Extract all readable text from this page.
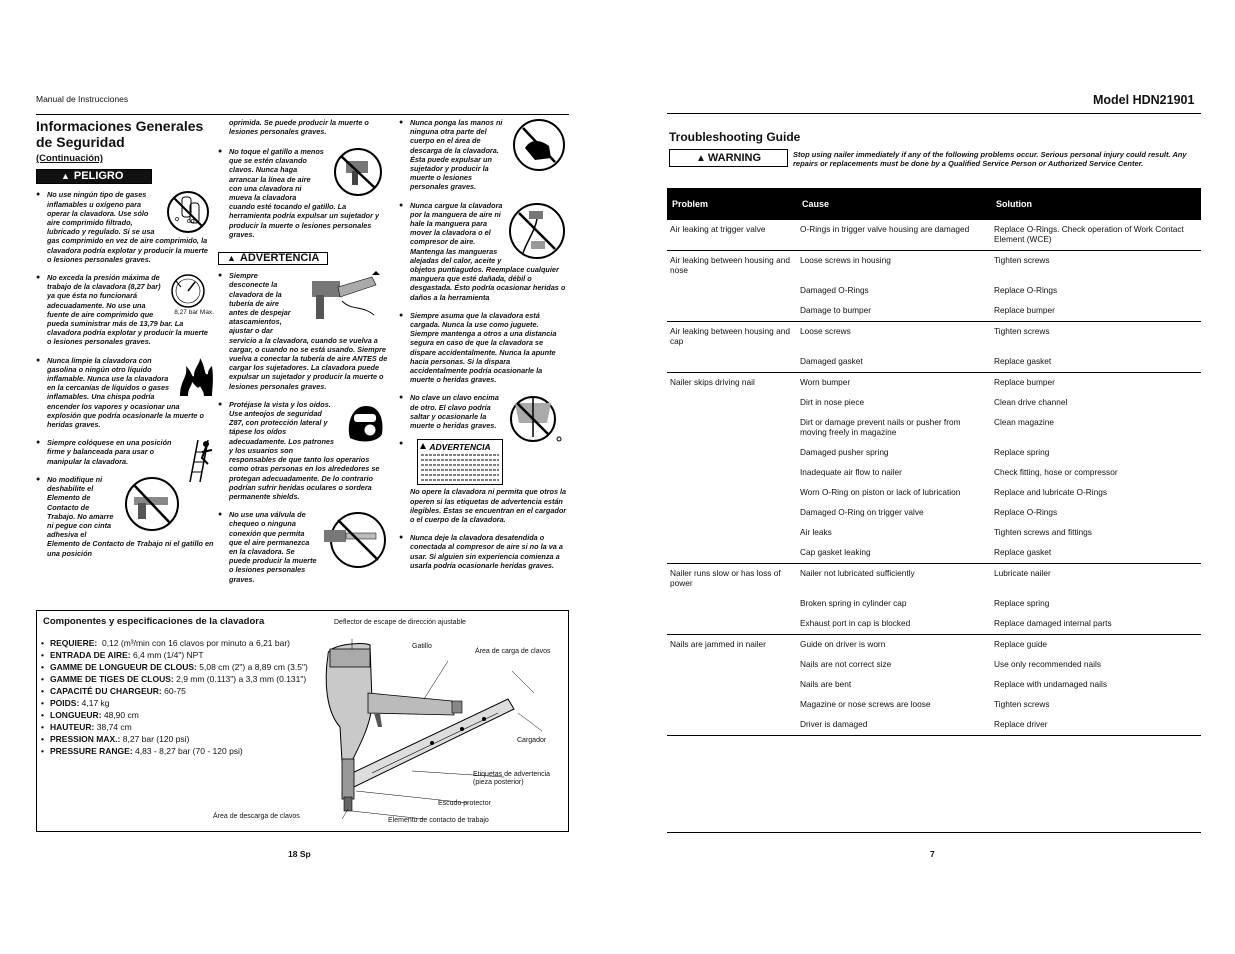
Manual de Instrucciones
Informaciones Generales de Seguridad
(Continuación)
▲ PELIGRO
● O CO
No use ningún tipo de gases inflamables u oxígeno para operar la clavadora. Use sólo aire comprimido filtrado, lubricado y regulado. Si se usa gas comprimido en vez de aire comprimido, la clavadora podría explotar y producir la muerte o lesiones personales graves.
● 8,27 bar Max.
No exceda la presión máxima de trabajo de la clavadora (8,27 bar) ya que ésta no funcionará adecuadamente. No use una fuente de aire comprimido que pueda suministrar más de 13,79 bar. La clavadora podría explotar y producir la muerte o lesiones personales graves.
● Nunca limpie la clavadora con gasolina o ningún otro líquido inflamable. Nunca use la clavadora en la cercanías de líquidos o gases inflamables. Una chispa podría encender los vapores y ocasionar una explosión que podría ocasionarle la muerte o heridas graves.
● Siempre colóquese en una posición firme y balanceada para usar o manipular la clavadora.
● No modifique ni deshabilite el Elemento de Contacto de Trabajo. No amarre ni pegue con cinta adhesiva el Elemento de Contacto de Trabajo ni el gatillo en una posición
oprimida. Se puede producir la muerte o lesiones personales graves.
● No toque el gatillo a menos que se estén clavando clavos. Nunca haga arrancar la línea de aire con una clavadora ni mueva la clavadora cuando esté tocando el gatillo. La herramienta podría expulsar un sujetador y producir la muerte o lesiones personales graves.
▲ ADVERTENCIA
● Siempre desconecte la clavadora de la tubería de aire antes de despejar atascamientos, ajustar o dar servicio a la clavadora, cuando se vuelva a cargar, o cuando no se está usando. Siempre vuelva a conectar la tubería de aire ANTES de cargar los sujetadores. La clavadora puede expulsar un sujetador y producir la muerte o lesiones personales graves.
● Protéjase la vista y los oídos. Use anteojos de seguridad Z87, con protección lateral y tápese los oídos adecuadamente. Los patrones y los usuarios son responsables de que tanto los operarios como otras personas en los alrededores se protegan adecuadamente. De lo contrario podrían sufrir heridas oculares o sordera permanente shields.
● No use una válvula de chequeo o ninguna conexión que permita que el aire permanezca en la clavadora. Se puede producir la muerte o lesiones personales graves.
● Nunca ponga las manos ni ninguna otra parte del cuerpo en el área de descarga de la clavadora. Ésta puede expulsar un sujetador y producir la muerte o lesiones personales graves.
● Nunca cargue la clavadora por la manguera de aire ni hale la manguera para mover la clavadora o el compresor de aire. Mantenga las mangueras alejadas del calor, aceite y objetos puntiagudos. Reemplace cualquier manguera que esté dañada, débil o desgastada. Ésto podría ocasionar heridas o daños a la herramienta
● Siempre asuma que la clavadora está cargada. Nunca la use como juguete. Siempre mantenga a otros a una distancia segura en caso de que la clavadora se dispare accidentalmente. Nunca la apunte hacia personas. Si la dispara accidentalmente podría ocasionarle la muerte o heridas graves.
● No clave un clavo encima de otro. El clavo podría saltar y ocasionarle la muerte o heridas graves.
● ADVERTENCIA
No opere la clavadora ni permita que otros la operen si las etiquetas de advertencia están ilegibles. Éstas se encuentran en el cargador o el cuerpo de la clavadora.
● Nunca deje la clavadora desatendida o conectada al compresor de aire si no la va a usar. Si alguien sin experiencia comienza a usarla podría ocasionarle heridas graves.
Componentes y especificaciones de la clavadora
• REQUIERE: 0,12 (m³/min con 16 clavos por minuto a 6,21 bar)
• ENTRADA DE AIRE: 6,4 mm (1/4") NPT
• GAMME DE LONGUEUR DE CLOUS: 5,08 cm (2") a 8,89 cm (3.5")
• GAMME DE TIGES DE CLOUS: 2,9 mm (0.113") a 3,3 mm (0.131")
• CAPACITÉ DU CHARGEUR: 60-75
• POIDS: 4,17 kg
• LONGUEUR: 48,90 cm
• HAUTEUR: 38,74 cm
• PRESSION MAX.: 8,27 bar (120 psi)
• PRESSURE RANGE: 4,83 - 8,27 bar (70 - 120 psi)
Deflector de escape de dirección ajustable
Gatillo
Área de carga de clavos
Cargador
Etiquetas de advertencia (pieza posterior)
Escudo protector
Área de descarga de clavos
Elemento de contacto de trabajo
18 Sp
Model HDN21901
Troubleshooting Guide
▲ WARNING	Stop using nailer immediately if any of the following problems occur. Serious personal injury could result. Any repairs or replacements must be done by a Qualified Service Person or Authorized Service Center.
Problem	Cause	Solution
Air leaking at trigger valve	O-Rings in trigger valve housing are damaged	Replace O-Rings. Check operation of Work Contact Element (WCE)
Air leaking between housing and nose	Loose screws in housing	Tighten screws
	Damaged O-Rings	Replace O-Rings
	Damage to bumper	Replace bumper
Air leaking between housing and cap	Loose screws	Tighten screws
	Damaged gasket	Replace gasket
Nailer skips driving nail	Worn bumper	Replace bumper
	Dirt in nose piece	Clean drive channel
	Dirt or damage prevent nails or pusher from moving freely in magazine	Clean magazine
	Damaged pusher spring	Replace spring
	Inadequate air flow to nailer	Check fitting, hose or compressor
	Worn O-Ring on piston or lack of lubrication	Replace and lubricate O-Rings
	Damaged O-Ring on trigger valve	Replace O-Rings
	Air leaks	Tighten screws and fittings
	Cap gasket leaking	Replace gasket
Nailer runs slow or has loss of power	Nailer not lubricated sufficiently	Lubricate nailer
	Broken spring in cylinder cap	Replace spring
	Exhaust port in cap is blocked	Replace damaged internal parts
Nails are jammed in nailer	Guide on driver is worn	Replace guide
	Nails are not correct size	Use only recommended nails
	Nails are bent	Replace with undamaged nails
	Magazine or nose screws are loose	Tighten screws
	Driver is damaged	Replace driver
7
